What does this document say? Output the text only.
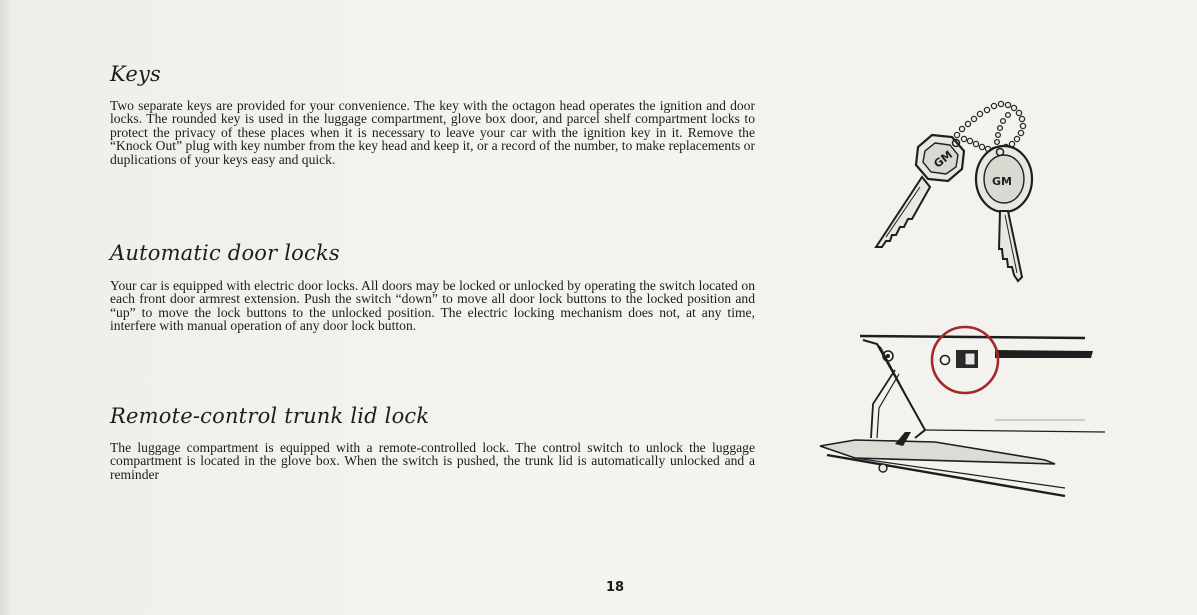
Keys

Two separate keys are provided for your convenience. The key with the octagon head operates the ignition and door locks. The rounded key is used in the luggage compartment, glove box door, and parcel shelf compartment locks to protect the privacy of these places when it is necessary to leave your car with the ignition key in it. Remove the “Knock Out” plug with key number from the key head and keep it, or a record of the number, to make replacements or duplications of your keys easy and quick.

Automatic door locks

Your car is equipped with electric door locks. All doors may be locked or unlocked by operating the switch located on each front door armrest extension. Push the switch “down” to move all door lock buttons to the locked position and “up” to move the lock buttons to the unlocked position. The electric locking mechanism does not, at any time, interfere with manual operation of any door lock button.

Remote-control trunk lid lock

The luggage compartment is equipped with a remote-controlled lock. The control switch to unlock the luggage compartment is located in the glove box. When the switch is pushed, the trunk lid is automatically unlocked and a reminder

GM
GM
18
